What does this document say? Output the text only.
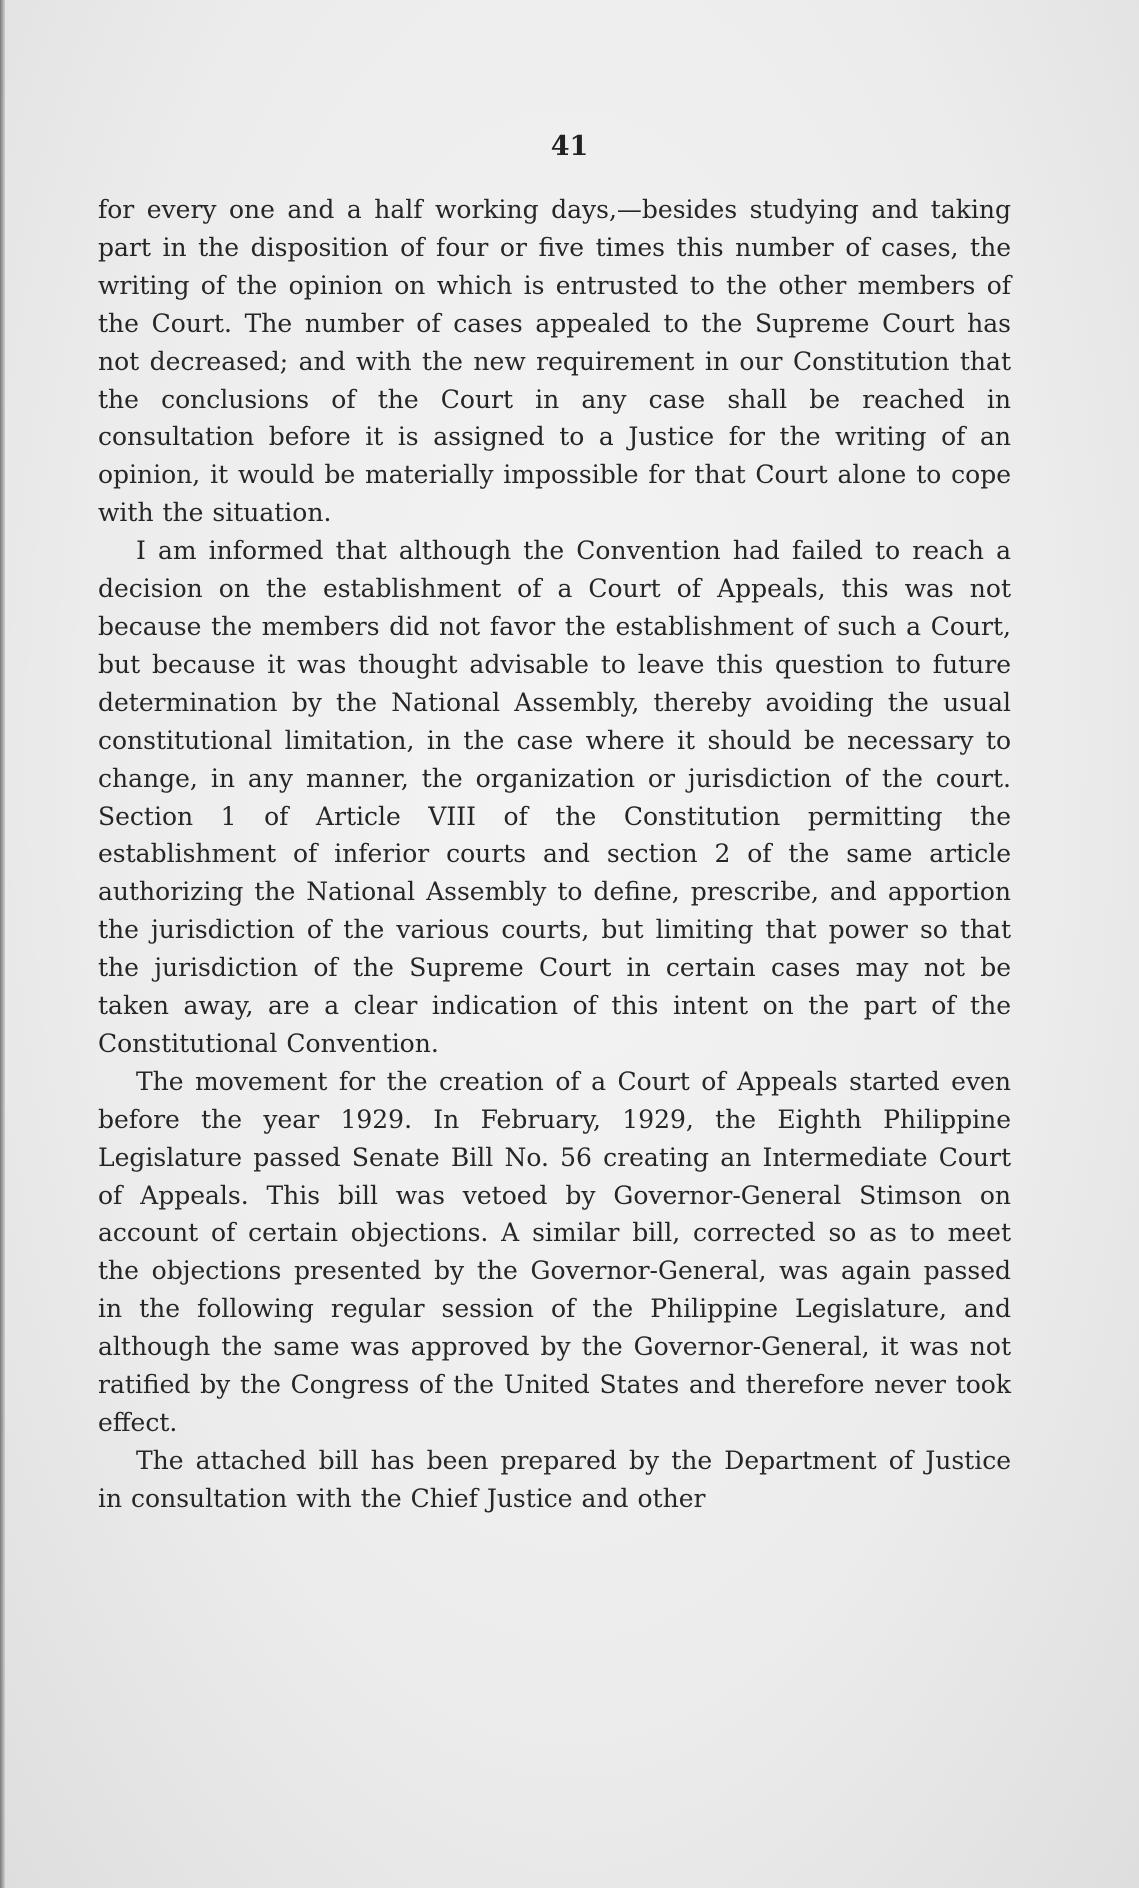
41

for every one and a half working days,—besides studying and taking part in the disposition of four or five times this number of cases, the writing of the opinion on which is entrusted to the other members of the Court. The number of cases appealed to the Supreme Court has not decreased; and with the new requirement in our Constitution that the conclusions of the Court in any case shall be reached in consultation before it is assigned to a Justice for the writing of an opinion, it would be materially impossible for that Court alone to cope with the situation.

I am informed that although the Convention had failed to reach a decision on the establishment of a Court of Appeals, this was not because the members did not favor the establishment of such a Court, but because it was thought advisable to leave this question to future determination by the National Assembly, thereby avoiding the usual constitutional limitation, in the case where it should be necessary to change, in any manner, the organization or jurisdiction of the court. Section 1 of Article VIII of the Constitution permitting the establishment of inferior courts and section 2 of the same article authorizing the National Assembly to define, prescribe, and apportion the jurisdiction of the various courts, but limiting that power so that the jurisdiction of the Supreme Court in certain cases may not be taken away, are a clear indication of this intent on the part of the Constitutional Convention.

The movement for the creation of a Court of Appeals started even before the year 1929. In February, 1929, the Eighth Philippine Legislature passed Senate Bill No. 56 creating an Intermediate Court of Appeals. This bill was vetoed by Governor-General Stimson on account of certain objections. A similar bill, corrected so as to meet the objections presented by the Governor-General, was again passed in the following regular session of the Philippine Legislature, and although the same was approved by the Governor-General, it was not ratified by the Congress of the United States and therefore never took effect.

The attached bill has been prepared by the Department of Justice in consultation with the Chief Justice and other
